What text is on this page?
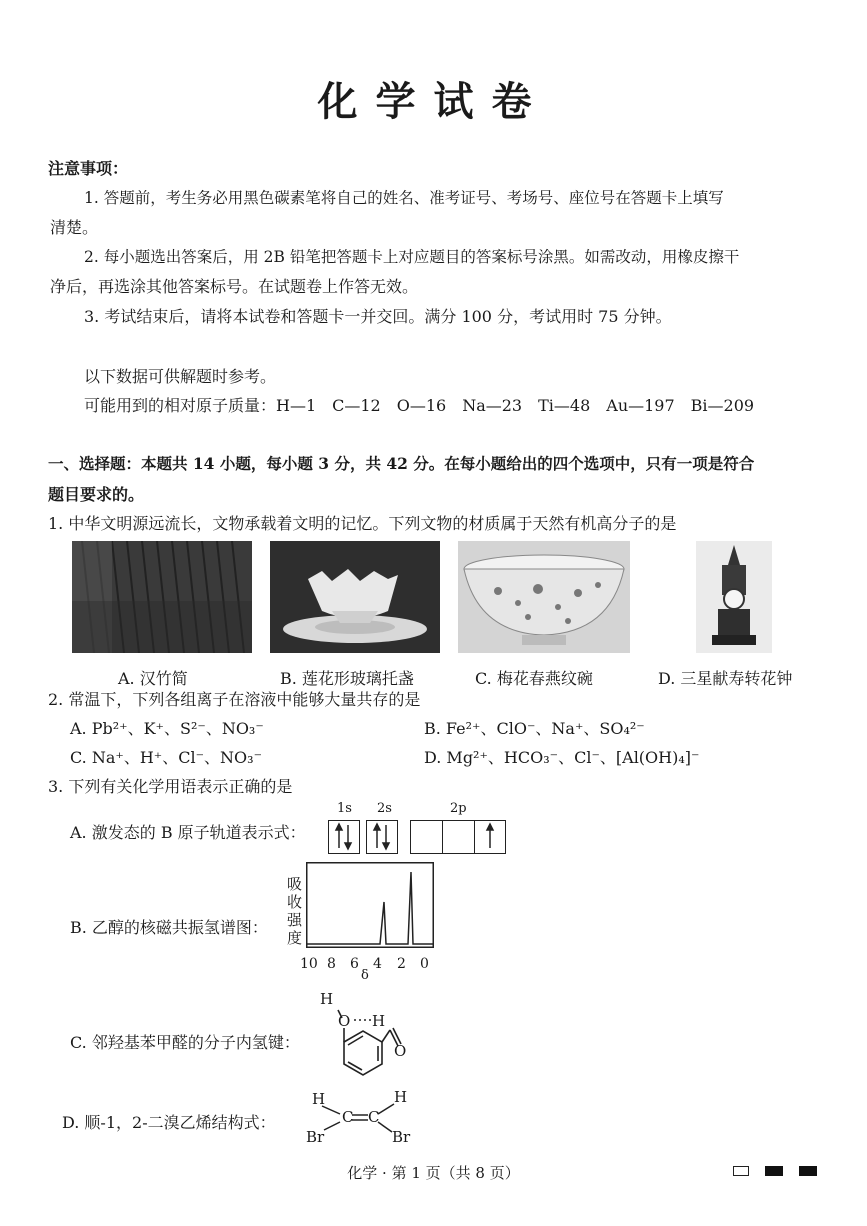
化学试卷
注意事项：
1. 答题前，考生务必用黑色碳素笔将自己的姓名、准考证号、考场号、座位号在答题卡上填写
清楚。
2. 每小题选出答案后，用 2B 铅笔把答题卡上对应题目的答案标号涂黑。如需改动，用橡皮擦干
净后，再选涂其他答案标号。在试题卷上作答无效。
3. 考试结束后，请将本试卷和答题卡一并交回。满分 100 分，考试用时 75 分钟。
以下数据可供解题时参考。
可能用到的相对原子质量：H—1　C—12　O—16　Na—23　Ti—48　Au—197　Bi—209
一、选择题：本题共 14 小题，每小题 3 分，共 42 分。在每小题给出的四个选项中，只有一项是符合
题目要求的。
1. 中华文明源远流长，文物承载着文明的记忆。下列文物的材质属于天然有机高分子的是
A. 汉竹简	B. 莲花形玻璃托盏	C. 梅花春燕纹碗	D. 三星献寿转花钟
2. 常温下，下列各组离子在溶液中能够大量共存的是
A. Pb²⁺、K⁺、S²⁻、NO₃⁻	B. Fe²⁺、ClO⁻、Na⁺、SO₄²⁻
C. Na⁺、H⁺、Cl⁻、NO₃⁻	D. Mg²⁺、HCO₃⁻、Cl⁻、[Al(OH)₄]⁻
3. 下列有关化学用语表示正确的是
A. 激发态的 B 原子轨道表示式：
1s 2s	2p
B. 乙醇的核磁共振氢谱图：
吸
收
强
度
10 8 6 4 2 0
δ
C. 邻羟基苯甲醛的分子内氢键：
H
O H
O
D. 顺-1，2-二溴乙烯结构式：
H
C C
H
Br	Br
化学 · 第 1 页（共 8 页）
